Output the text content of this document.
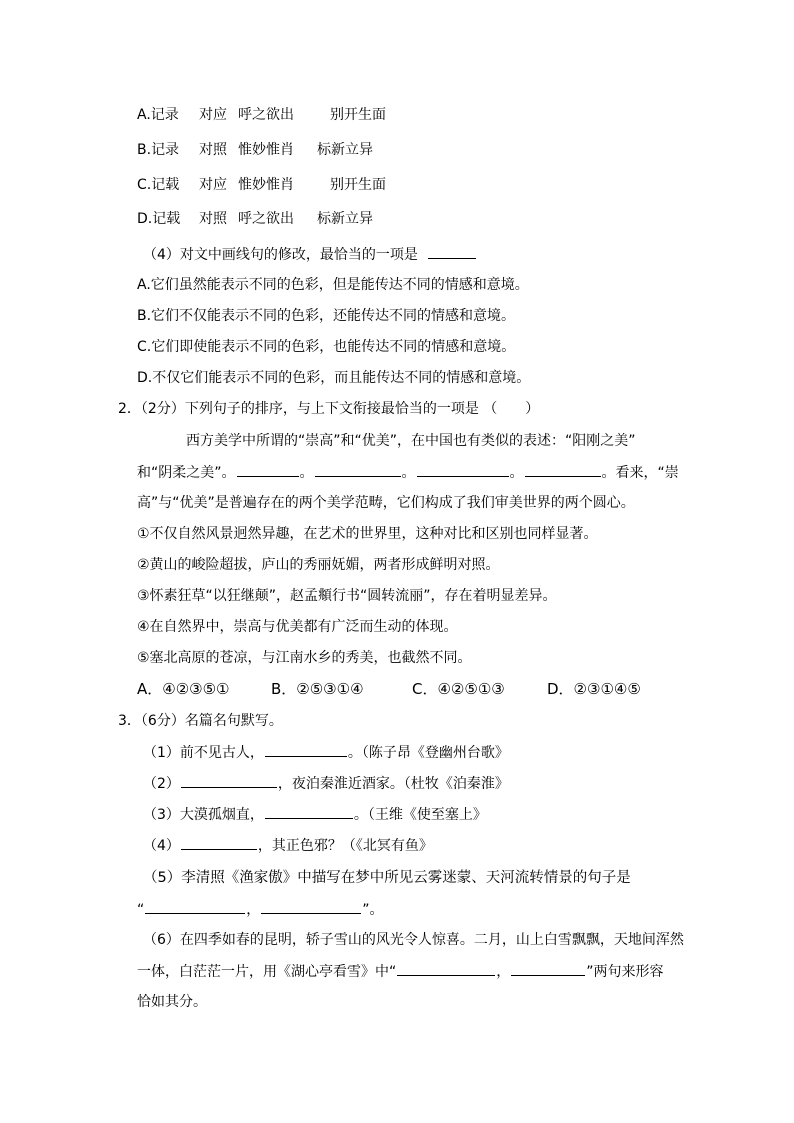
A.记录 对应 呼之欲出	别开生面
B.记录 对照 惟妙惟肖 标新立异
C.记载 对应 惟妙惟肖	别开生面
D.记载 对照 呼之欲出 标新立异
（4）对文中画线句的修改，最恰当的一项是
A.它们虽然能表示不同的色彩，但是能传达不同的情感和意境。
B.它们不仅能表示不同的色彩，还能传达不同的情感和意境。
C.它们即使能表示不同的色彩，也能传达不同的情感和意境。
D.不仅它们能表示不同的色彩，而且能传达不同的情感和意境。
2．（2分）下列句子的排序，与上下文衔接最恰当的一项是 （　　）
西方美学中所谓的“崇高”和“优美”，在中国也有类似的表述：“阳刚之美”
和“阴柔之美”。	。	。	。	。看来，“崇
高”与“优美”是普遍存在的两个美学范畴，它们构成了我们审美世界的两个圆心。
①不仅自然风景迥然异趣，在艺术的世界里，这种对比和区别也同样显著。
②黄山的峻险超拔，庐山的秀丽妩媚，两者形成鲜明对照。
③怀素狂草“以狂继颠”，赵孟頫行书“圆转流丽”，存在着明显差异。
④在自然界中，崇高与优美都有广泛而生动的体现。
⑤塞北高原的苍凉，与江南水乡的秀美，也截然不同。
A．④②③⑤①	B．②⑤③①④	C．④②⑤①③	D．②③①④⑤
3．（6分）名篇名句默写。
（1）前不见古人，	。（陈子昂《登幽州台歌》
（2）	，夜泊秦淮近酒家。（杜牧《泊秦淮》
（3）大漠孤烟直，	。（王维《使至塞上》
（4）	，其正色邪？（《北冥有鱼》
（5）李清照《渔家傲》中描写在梦中所见云雾迷蒙、天河流转情景的句子是
“	，	”。
（6）在四季如春的昆明，轿子雪山的风光令人惊喜。二月，山上白雪飘飘，天地间浑然
一体，白茫茫一片，用《湖心亭看雪》中“	，	”两句来形容
恰如其分。
